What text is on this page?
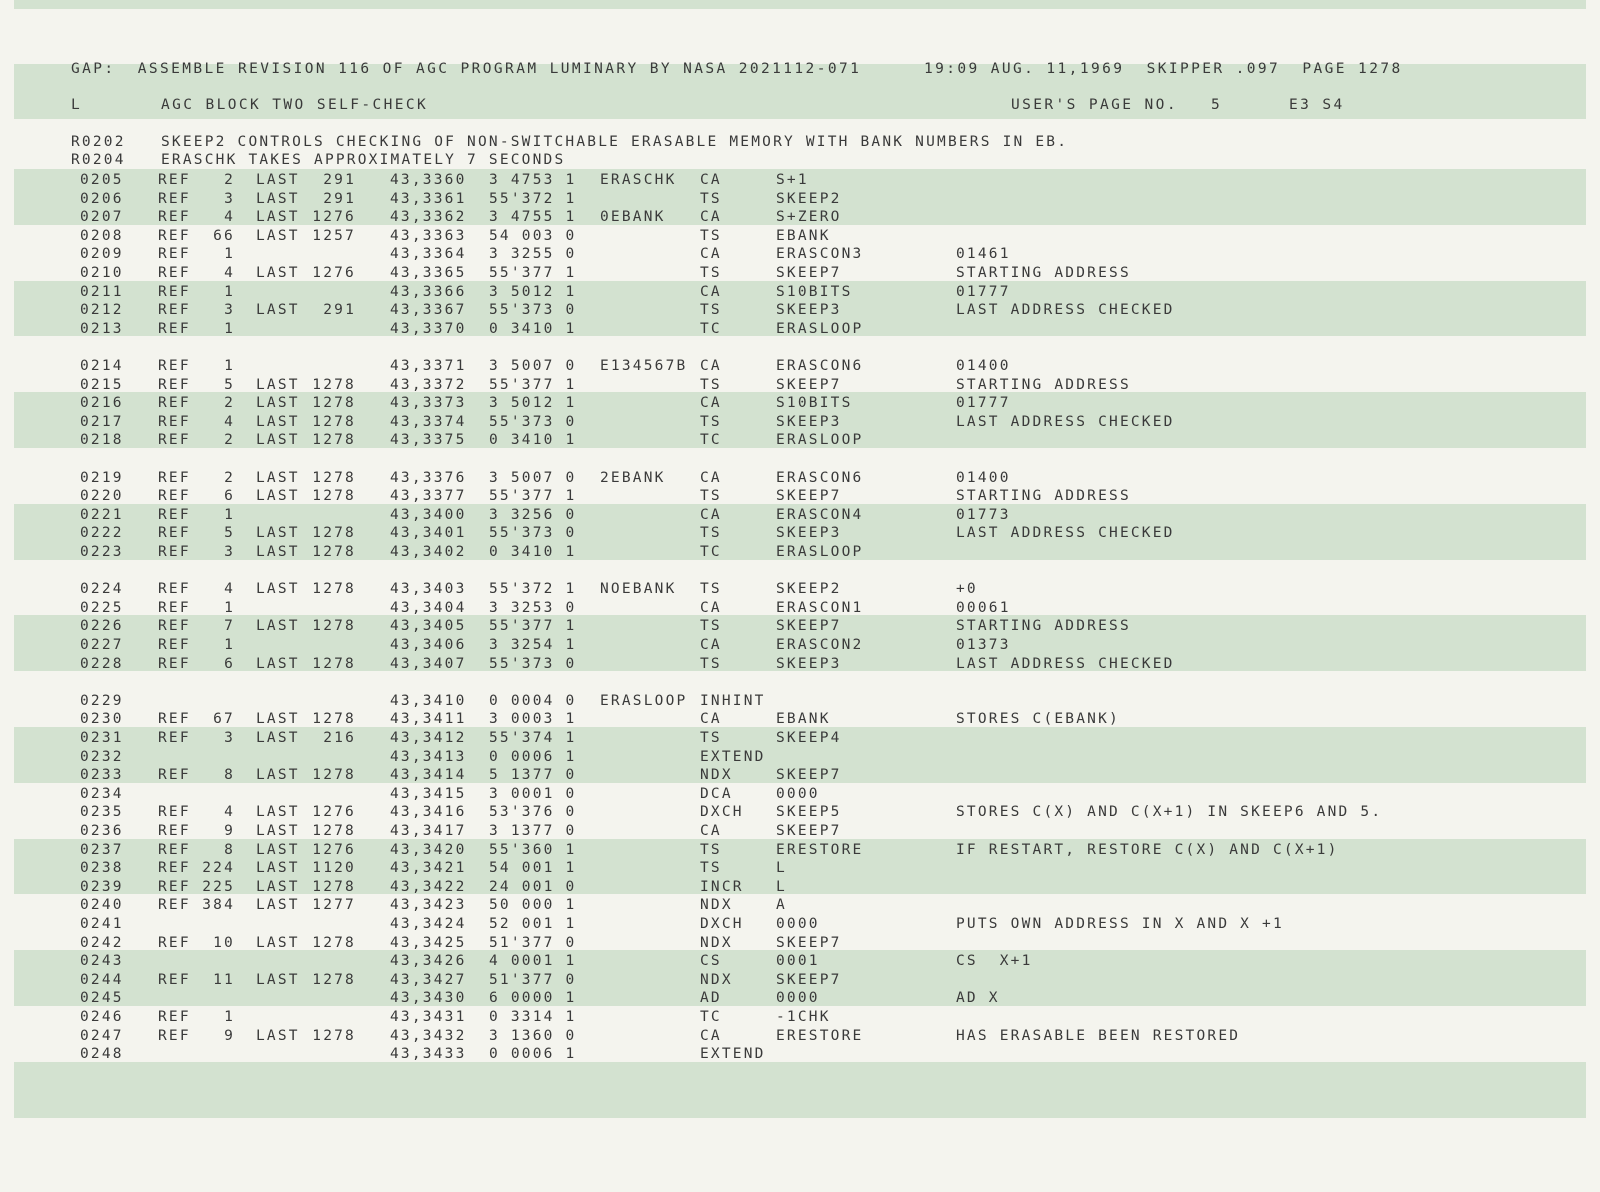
GAP:  ASSEMBLE REVISION 116 OF AGC PROGRAM LUMINARY BY NASA 2021112-071

	19:09 AUG. 11,1969  SKIPPER .097  PAGE 1278

L

	AGC BLOCK TWO SELF-CHECK

	USER'S PAGE NO.

5

	E3 S4

R0202

SKEEP2 CONTROLS CHECKING OF NON-SWITCHABLE ERASABLE MEMORY WITH BANK NUMBERS IN EB.

R0204

ERASCHK TAKES APPROXIMATELY 7 SECONDS

0205 REF 2 LAST 291 43,3360 3 4753 1 ERASCHK CA	S+1
0206 REF 3 LAST 291 43,3361 55'372 1	TS	SKEEP2
0207 REF 4 LAST 1276 43,3362 3 4755 1 0EBANK CA	S+ZERO
0208 REF 66 LAST 1257 43,3363 54 003 0	TS	EBANK
0209 REF 1	43,3364 3 3255 0	CA	ERASCON3	01461
0210 REF 4 LAST 1276 43,3365 55'377 1	TS	SKEEP7	STARTING ADDRESS
0211 REF 1	43,3366 3 5012 1	CA	S10BITS	01777
0212 REF 3 LAST 291 43,3367 55'373 0	TS	SKEEP3	LAST ADDRESS CHECKED
0213 REF 1	43,3370 0 3410 1	TC	ERASLOOP
0214 REF 1	43,3371 3 5007 0 E134567B CA	ERASCON6	01400
0215 REF 5 LAST 1278 43,3372 55'377 1	TS	SKEEP7	STARTING ADDRESS
0216 REF 2 LAST 1278 43,3373 3 5012 1	CA	S10BITS	01777
0217 REF 4 LAST 1278 43,3374 55'373 0	TS	SKEEP3	LAST ADDRESS CHECKED
0218 REF 2 LAST 1278 43,3375 0 3410 1	TC	ERASLOOP
0219 REF 2 LAST 1278 43,3376 3 5007 0 2EBANK CA	ERASCON6	01400
0220 REF 6 LAST 1278 43,3377 55'377 1	TS	SKEEP7	STARTING ADDRESS
0221 REF 1	43,3400 3 3256 0	CA	ERASCON4	01773
0222 REF 5 LAST 1278 43,3401 55'373 0	TS	SKEEP3	LAST ADDRESS CHECKED
0223 REF 3 LAST 1278 43,3402 0 3410 1	TC	ERASLOOP
0224 REF 4 LAST 1278 43,3403 55'372 1 NOEBANK TS	SKEEP2	+0
0225 REF 1	43,3404 3 3253 0	CA	ERASCON1	00061
0226 REF 7 LAST 1278 43,3405 55'377 1	TS	SKEEP7	STARTING ADDRESS
0227 REF 1	43,3406 3 3254 1	CA	ERASCON2	01373
0228 REF 6 LAST 1278 43,3407 55'373 0	TS	SKEEP3	LAST ADDRESS CHECKED
0229	43,3410 0 0004 0 ERASLOOP INHINT
0230 REF 67 LAST 1278 43,3411 3 0003 1	CA	EBANK	STORES C(EBANK)
0231 REF 3 LAST 216 43,3412 55'374 1	TS	SKEEP4
0232	43,3413 0 0006 1	EXTEND
0233 REF 8 LAST 1278 43,3414 5 1377 0	NDX	SKEEP7
0234	43,3415 3 0001 0	DCA	0000
0235 REF 4 LAST 1276 43,3416 53'376 0	DXCH SKEEP5	STORES C(X) AND C(X+1) IN SKEEP6 AND 5.
0236 REF 9 LAST 1278 43,3417 3 1377 0	CA	SKEEP7
0237 REF 8 LAST 1276 43,3420 55'360 1	TS	ERESTORE	IF RESTART, RESTORE C(X) AND C(X+1)
0238 REF 224 LAST 1120 43,3421 54 001 1	TS	L
0239 REF 225 LAST 1278 43,3422 24 001 0	INCR L
0240 REF 384 LAST 1277 43,3423 50 000 1	NDX	A
0241	43,3424 52 001 1	DXCH 0000	PUTS OWN ADDRESS IN X AND X +1
0242 REF 10 LAST 1278 43,3425 51'377 0	NDX	SKEEP7
0243	43,3426 4 0001 1	CS	0001	CS  X+1
0244 REF 11 LAST 1278 43,3427 51'377 0	NDX	SKEEP7
0245	43,3430 6 0000 1	AD	0000	AD X
0246 REF 1	43,3431 0 3314 1	TC	-1CHK
0247 REF 9 LAST 1278 43,3432 3 1360 0	CA	ERESTORE	HAS ERASABLE BEEN RESTORED
0248	43,3433 0 0006 1	EXTEND
